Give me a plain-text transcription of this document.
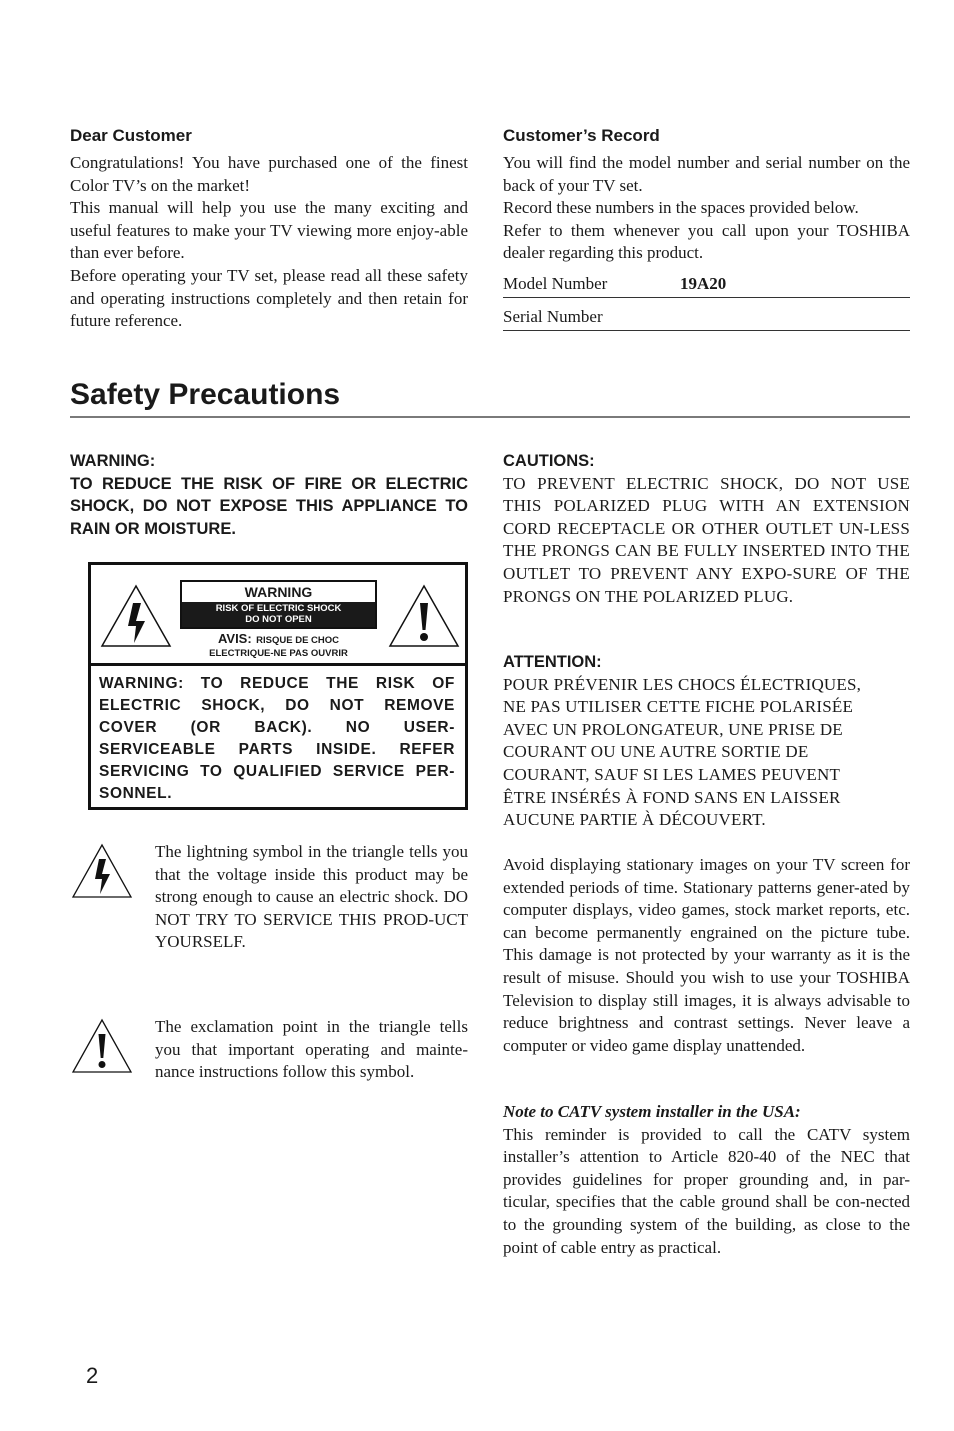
Dear Customer

Congratulations! You have purchased one of the finest Color TV’s on the market!

This manual will help you use the many exciting and useful features to make your TV viewing more enjoy-able than ever before.

Before operating your TV set, please read all these safety and operating instructions completely and then retain for future reference.

Customer’s Record

You will find the model number and serial number on the back of your TV set.

Record these numbers in the spaces provided below.

Refer to them whenever you call upon your TOSHIBA dealer regarding this product.

Model Number	19A20
Serial Number
Safety Precautions

WARNING:

TO REDUCE THE RISK OF FIRE OR ELECTRIC SHOCK, DO NOT EXPOSE THIS APPLIANCE TO RAIN OR MOISTURE.

WARNING
RISK OF ELECTRIC SHOCK
DO NOT OPEN
AVIS: RISQUE DE CHOC
ELECTRIQUE-NE PAS OUVRIR

WARNING: TO REDUCE THE RISK OF ELECTRIC SHOCK, DO NOT REMOVE COVER (OR BACK). NO USER-SERVICEABLE PARTS INSIDE. REFER SERVICING TO QUALIFIED SERVICE PER-SONNEL.

The lightning symbol in the triangle tells you that the voltage inside this product may be strong enough to cause an electric shock. DO NOT TRY TO SERVICE THIS PROD-UCT YOURSELF.

The exclamation point in the triangle tells you that important operating and mainte-nance instructions follow this symbol.

CAUTIONS:

TO PREVENT ELECTRIC SHOCK, DO NOT USE THIS POLARIZED PLUG WITH AN EXTENSION CORD RECEPTACLE OR OTHER OUTLET UN-LESS THE PRONGS CAN BE FULLY INSERTED INTO THE OUTLET TO PREVENT ANY EXPO-SURE OF THE PRONGS ON THE POLARIZED PLUG.

ATTENTION:

POUR PRÉVENIR LES CHOCS ÉLECTRIQUES,
NE PAS UTILISER CETTE FICHE POLARISÉE
AVEC UN PROLONGATEUR, UNE PRISE DE
COURANT OU UNE AUTRE SORTIE DE
COURANT, SAUF SI LES LAMES PEUVENT
ÊTRE INSÉRÉS À FOND SANS EN LAISSER
AUCUNE PARTIE À DÉCOUVERT.

Avoid displaying stationary images on your TV screen for extended periods of time. Stationary patterns gener-ated by computer displays, video games, stock market reports, etc. can become permanently engrained on the picture tube. This damage is not protected by your warranty as it is the result of misuse. Should you wish to use your TOSHIBA Television to display still images, it is always advisable to reduce brightness and contrast settings. Never leave a computer or video game display unattended.

Note to CATV system installer in the USA:

This reminder is provided to call the CATV system installer’s attention to Article 820-40 of the NEC that provides guidelines for proper grounding and, in par-ticular, specifies that the cable ground shall be con-nected to the grounding system of the building, as close to the point of cable entry as practical.

2
